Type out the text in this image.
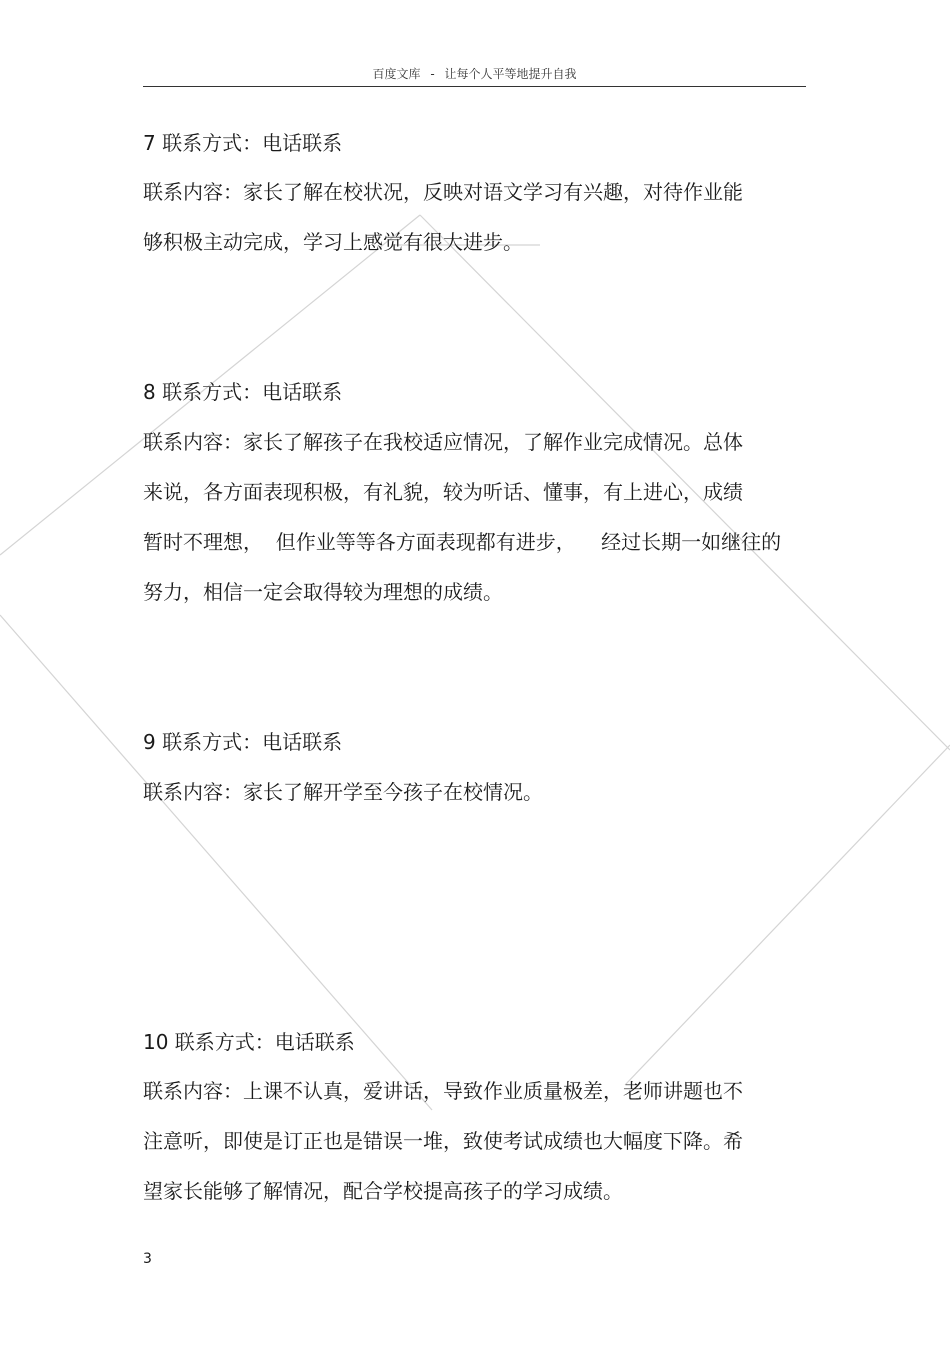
百度文库 - 让每个人平等地提升自我
7 联系方式：电话联系
联系内容：家长了解在校状况，反映对语文学习有兴趣，对待作业能
够积极主动完成，学习上感觉有很大进步。
8 联系方式：电话联系
联系内容：家长了解孩子在我校适应情况，了解作业完成情况。总体
来说，各方面表现积极，有礼貌，较为听话、懂事，有上进心，成绩
暂时不理想，  但作业等等各方面表现都有进步，    经过长期一如继往的
努力，相信一定会取得较为理想的成绩。
9 联系方式：电话联系
联系内容：家长了解开学至今孩子在校情况。
10 联系方式：电话联系
联系内容：上课不认真，爱讲话，导致作业质量极差，老师讲题也不
注意听，即使是订正也是错误一堆，致使考试成绩也大幅度下降。希
望家长能够了解情况，配合学校提高孩子的学习成绩。
3
